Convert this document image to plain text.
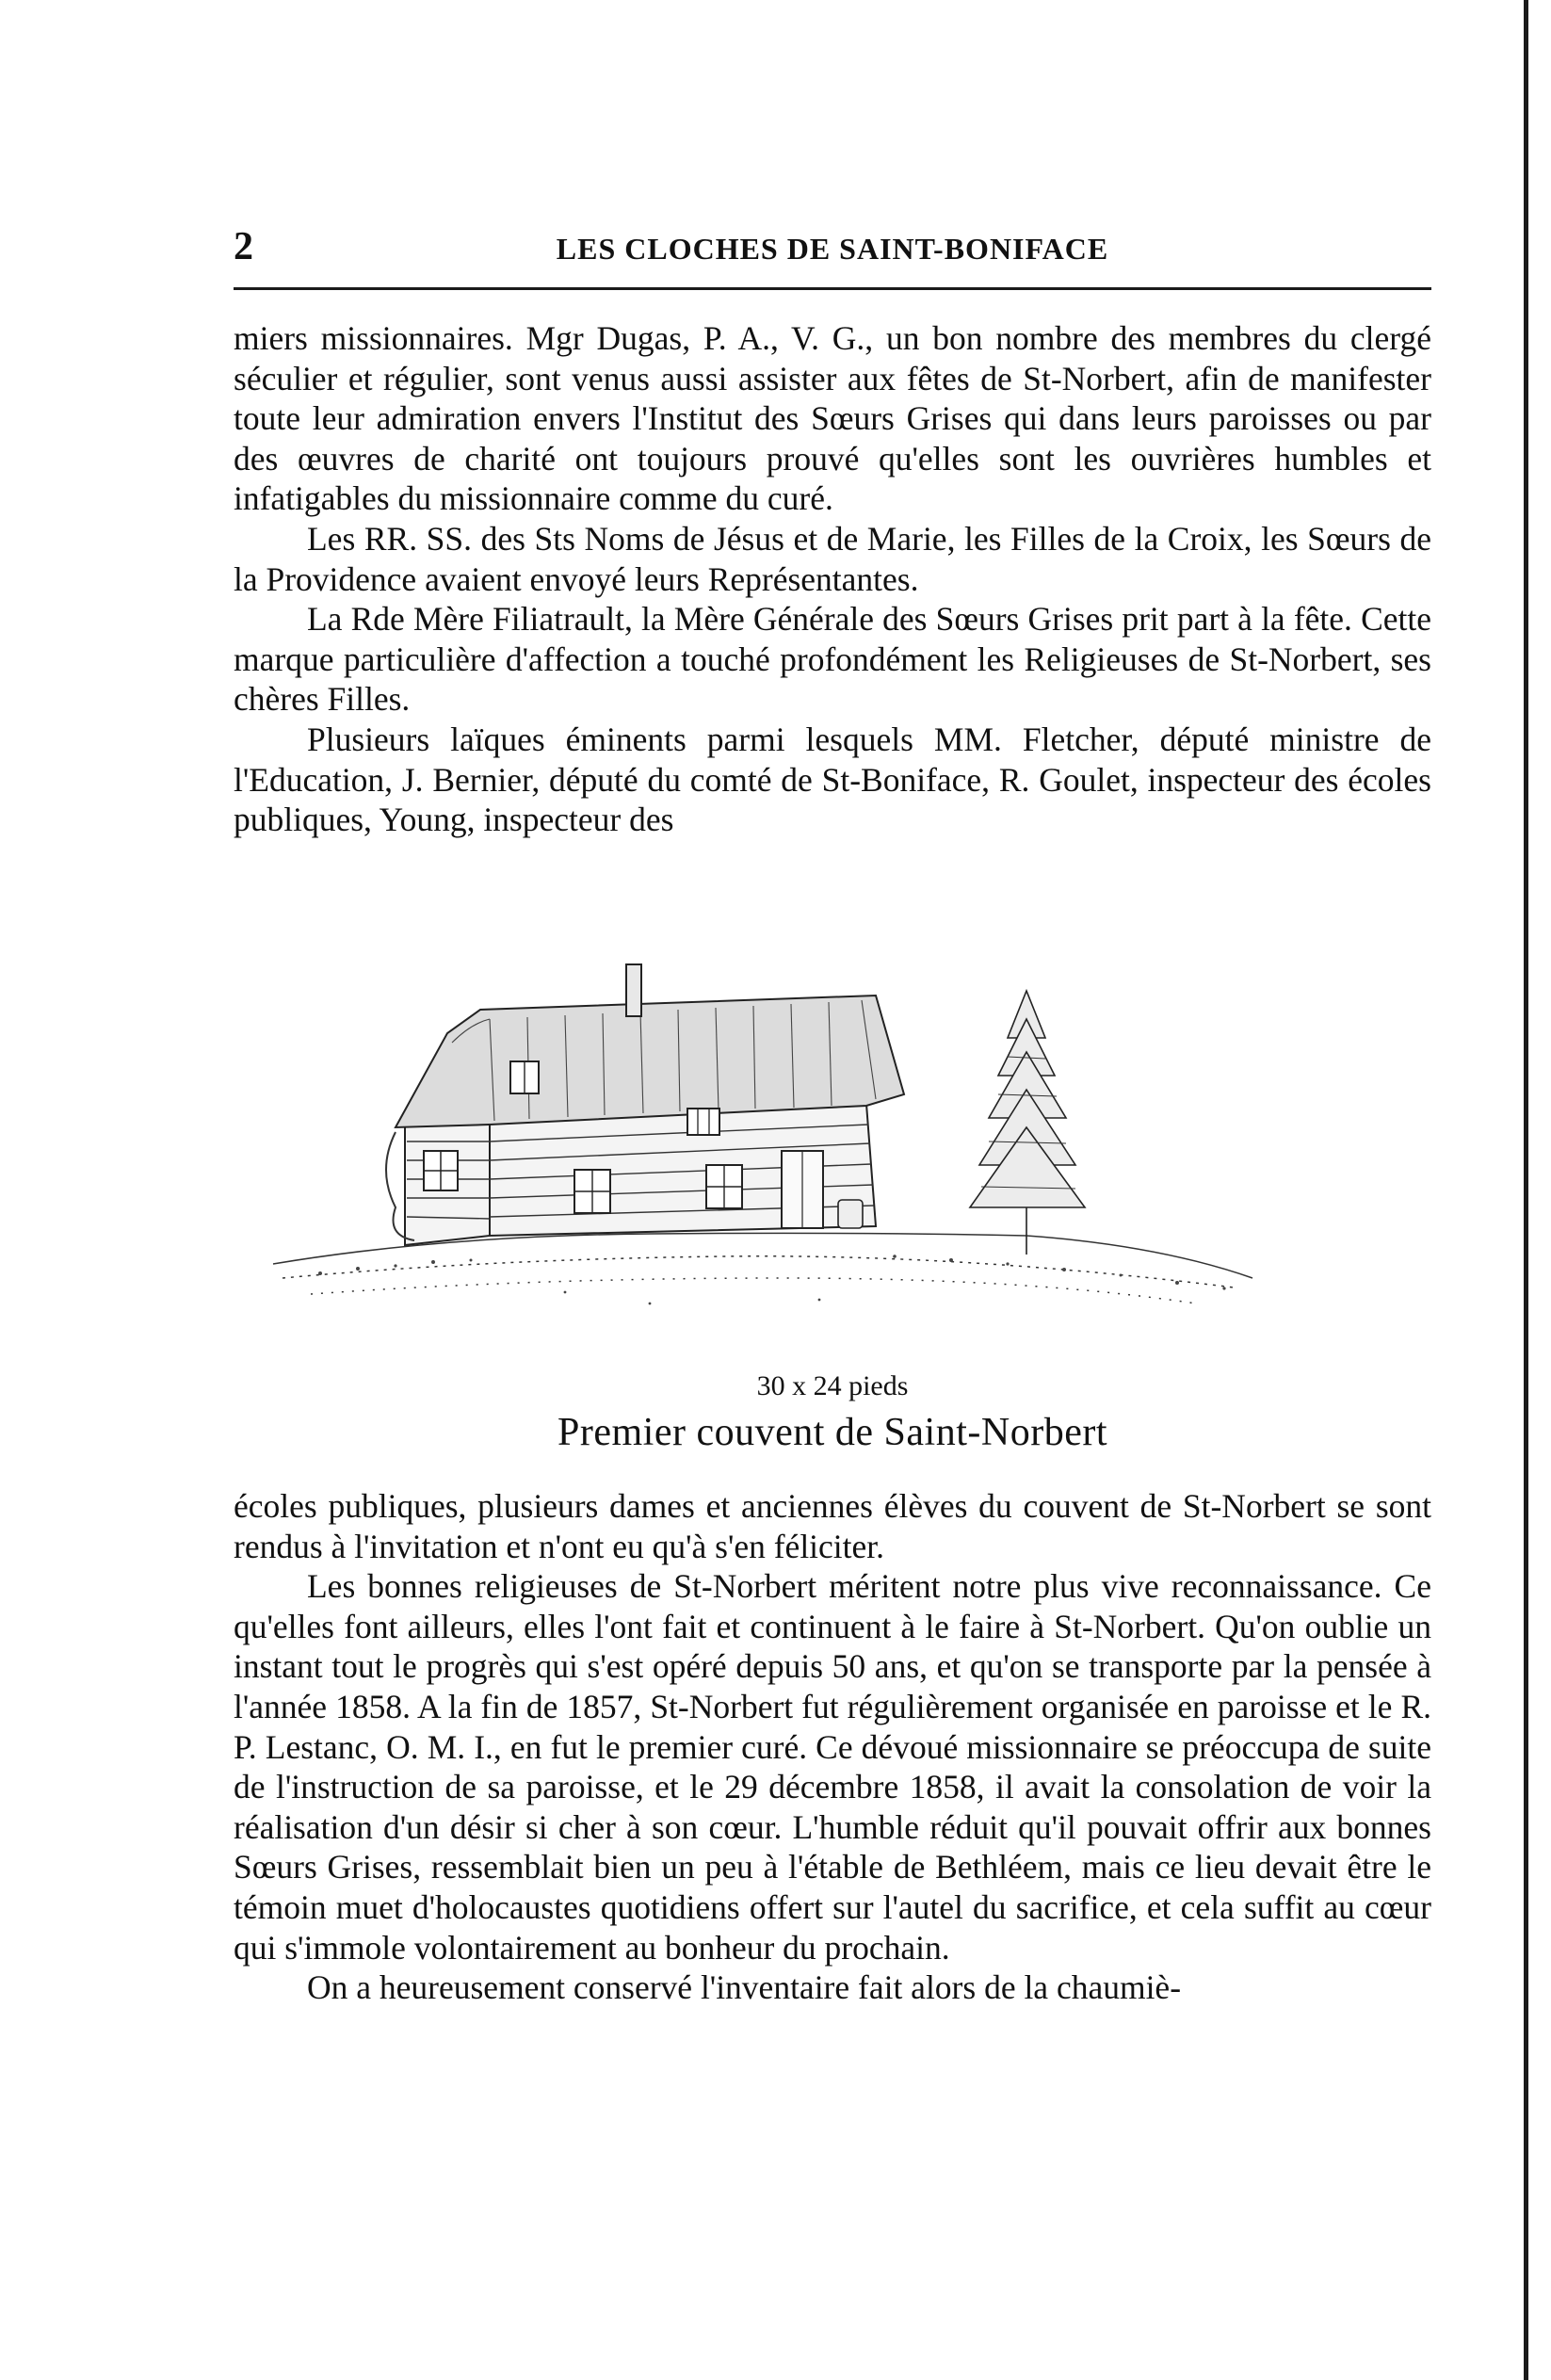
2	LES CLOCHES DE SAINT-BONIFACE

miers missionnaires. Mgr Dugas, P. A., V. G., un bon nombre des membres du clergé séculier et régulier, sont venus aussi assister aux fêtes de St-Norbert, afin de manifester toute leur admiration envers l'Institut des Sœurs Grises qui dans leurs paroisses ou par des œuvres de charité ont toujours prouvé qu'elles sont les ouvrières humbles et infatigables du missionnaire comme du curé.

Les RR. SS. des Sts Noms de Jésus et de Marie, les Filles de la Croix, les Sœurs de la Providence avaient envoyé leurs Représentantes.

La Rde Mère Filiatrault, la Mère Générale des Sœurs Grises prit part à la fête. Cette marque particulière d'affection a touché profondément les Religieuses de St-Norbert, ses chères Filles.

Plusieurs laïques éminents parmi lesquels MM. Fletcher, député ministre de l'Education, J. Bernier, député du comté de St-Boniface, R. Goulet, inspecteur des écoles publiques, Young, inspecteur des

30 x 24 pieds
Premier couvent de Saint-Norbert

écoles publiques, plusieurs dames et anciennes élèves du couvent de St-Norbert se sont rendus à l'invitation et n'ont eu qu'à s'en féliciter.

Les bonnes religieuses de St-Norbert méritent notre plus vive reconnaissance. Ce qu'elles font ailleurs, elles l'ont fait et continuent à le faire à St-Norbert. Qu'on oublie un instant tout le progrès qui s'est opéré depuis 50 ans, et qu'on se transporte par la pensée à l'année 1858. A la fin de 1857, St-Norbert fut régulièrement organisée en paroisse et le R. P. Lestanc, O. M. I., en fut le premier curé. Ce dévoué missionnaire se préoccupa de suite de l'instruction de sa paroisse, et le 29 décembre 1858, il avait la consolation de voir la réalisation d'un désir si cher à son cœur. L'humble réduit qu'il pouvait offrir aux bonnes Sœurs Grises, ressemblait bien un peu à l'étable de Bethléem, mais ce lieu devait être le témoin muet d'holocaustes quotidiens offert sur l'autel du sacrifice, et cela suffit au cœur qui s'immole volontairement au bonheur du prochain.

On a heureusement conservé l'inventaire fait alors de la chaumiè-
